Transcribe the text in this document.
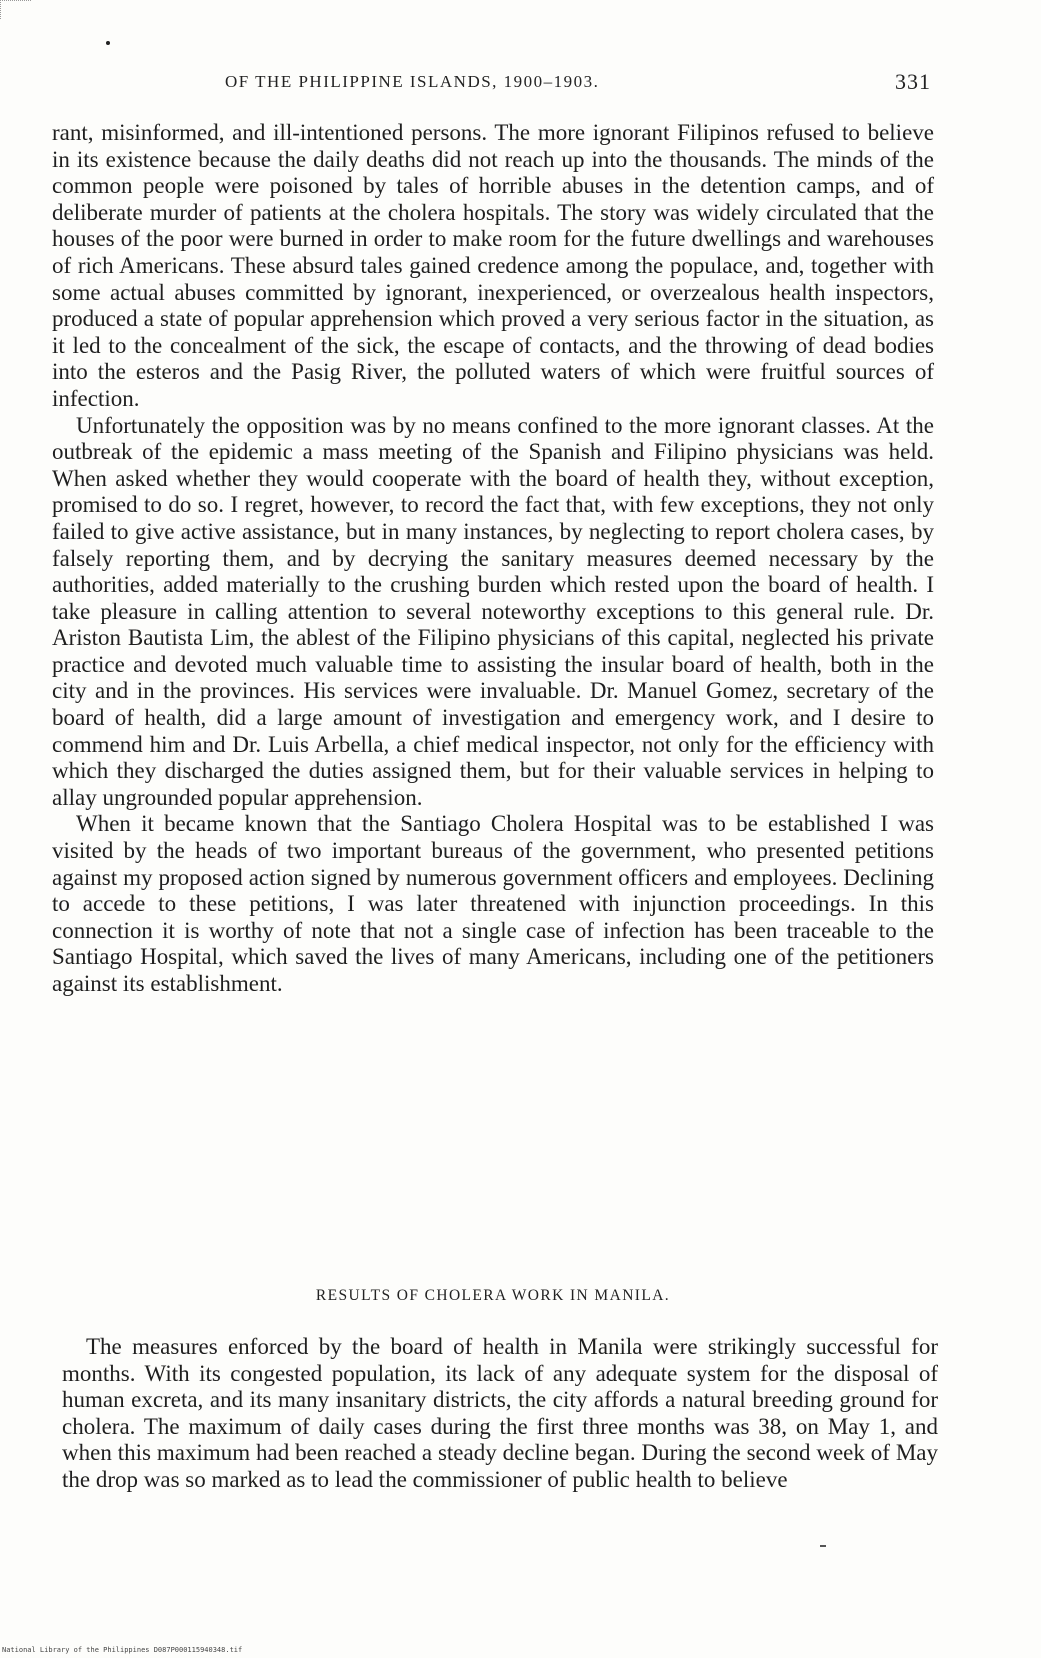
OF THE PHILIPPINE ISLANDS, 1900–1903.	331

rant, misinformed, and ill-intentioned persons. The more ignorant Filipinos refused to believe in its existence because the daily deaths did not reach up into the thousands. The minds of the common people were poisoned by tales of horrible abuses in the detention camps, and of deliberate murder of patients at the cholera hospitals. The story was widely circulated that the houses of the poor were burned in order to make room for the future dwellings and warehouses of rich Americans. These absurd tales gained credence among the populace, and, together with some actual abuses committed by ignorant, inexperienced, or overzealous health inspectors, produced a state of popular apprehension which proved a very serious factor in the situation, as it led to the concealment of the sick, the escape of contacts, and the throwing of dead bodies into the esteros and the Pasig River, the polluted waters of which were fruitful sources of infection.

Unfortunately the opposition was by no means confined to the more ignorant classes. At the outbreak of the epidemic a mass meeting of the Spanish and Filipino physicians was held. When asked whether they would cooperate with the board of health they, without exception, promised to do so. I regret, however, to record the fact that, with few exceptions, they not only failed to give active assistance, but in many instances, by neglecting to report cholera cases, by falsely reporting them, and by decrying the sanitary measures deemed necessary by the authorities, added materially to the crushing burden which rested upon the board of health. I take pleasure in calling attention to several noteworthy exceptions to this general rule. Dr. Ariston Bautista Lim, the ablest of the Filipino physicians of this capital, neglected his private practice and devoted much valuable time to assisting the insular board of health, both in the city and in the provinces. His services were invaluable. Dr. Manuel Gomez, secretary of the board of health, did a large amount of investigation and emergency work, and I desire to commend him and Dr. Luis Arbella, a chief medical inspector, not only for the efficiency with which they discharged the duties assigned them, but for their valuable services in helping to allay ungrounded popular apprehension.

When it became known that the Santiago Cholera Hospital was to be established I was visited by the heads of two important bureaus of the government, who presented petitions against my proposed action signed by numerous government officers and employees. Declining to accede to these petitions, I was later threatened with injunction proceedings. In this connection it is worthy of note that not a single case of infection has been traceable to the Santiago Hospital, which saved the lives of many Americans, including one of the petitioners against its establishment.

RESULTS OF CHOLERA WORK IN MANILA.

The measures enforced by the board of health in Manila were strikingly successful for months. With its congested population, its lack of any adequate system for the disposal of human excreta, and its many insanitary districts, the city affords a natural breeding ground for cholera. The maximum of daily cases during the first three months was 38, on May 1, and when this maximum had been reached a steady decline began. During the second week of May the drop was so marked as to lead the commissioner of public health to believe

National Library of the Philippines D087P000115940348.tif
